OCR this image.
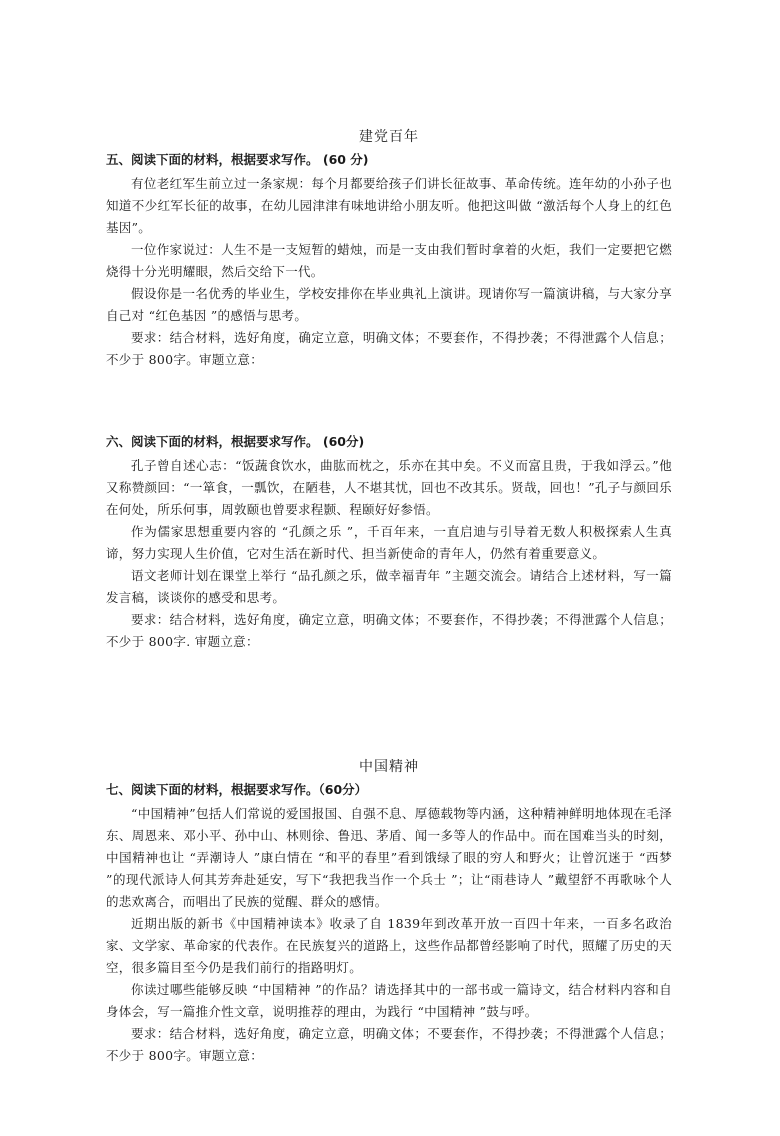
建党百年
五、阅读下面的材料，根据要求写作。 (60 分)

有位老红军生前立过一条家规：每个月都要给孩子们讲长征故事、革命传统。连年幼的小孙子也知道不少红军长征的故事，在幼儿园津津有味地讲给小朋友听。他把这叫做 “激活每个人身上的红色基因”。

一位作家说过：人生不是一支短暂的蜡烛，而是一支由我们暂时拿着的火炬，我们一定要把它燃烧得十分光明耀眼，然后交给下一代。

假设你是一名优秀的毕业生，学校安排你在毕业典礼上演讲。现请你写一篇演讲稿，与大家分享自己对 “红色基因 ”的感悟与思考。

要求：结合材料，选好角度，确定立意，明确文体；不要套作，不得抄袭；不得泄露个人信息；不少于 800字。审题立意：

六、阅读下面的材料，根据要求写作。 (60分)

孔子曾自述心志：“饭蔬食饮水，曲肱而枕之，乐亦在其中矣。不义而富且贵，于我如浮云。”他又称赞颜回：“一箪食，一瓢饮，在陋巷，人不堪其忧，回也不改其乐。贤哉，回也！”孔子与颜回乐在何处，所乐何事，周敦颐也曾要求程颢、程颐好好参悟。

作为儒家思想重要内容的 “孔颜之乐 ”，千百年来，一直启迪与引导着无数人积极探索人生真谛，努力实现人生价值，它对生活在新时代、担当新使命的青年人，仍然有着重要意义。

语文老师计划在课堂上举行 “品孔颜之乐，做幸福青年 ”主题交流会。请结合上述材料，写一篇发言稿，谈谈你的感受和思考。

要求：结合材料，选好角度，确定立意，明确文体；不要套作，不得抄袭；不得泄露个人信息；不少于 800字. 审题立意：

中国精神
七、阅读下面的材料，根据要求写作。（60分）

“中国精神”包括人们常说的爱国报国、自强不息、厚德载物等内涵，这种精神鲜明地体现在毛泽东、周恩来、邓小平、孙中山、林则徐、鲁迅、茅盾、闻一多等人的作品中。而在国难当头的时刻，中国精神也让 “弄潮诗人 ”康白情在 “和平的春里”看到饿绿了眼的穷人和野火；让曾沉迷于 “西梦 ”的现代派诗人何其芳奔赴延安，写下“我把我当作一个兵士 ”；让“雨巷诗人 ”戴望舒不再歌咏个人的悲欢离合，而唱出了民族的觉醒、群众的感情。

近期出版的新书《中国精神读本》收录了自 1839年到改革开放一百四十年来，一百多名政治家、文学家、革命家的代表作。在民族复兴的道路上，这些作品都曾经影响了时代，照耀了历史的天空，很多篇目至今仍是我们前行的指路明灯。

你读过哪些能够反映 “中国精神 ”的作品？请选择其中的一部书或一篇诗文，结合材料内容和自身体会，写一篇推介性文章，说明推荐的理由，为践行 “中国精神 ”鼓与呼。

要求：结合材料，选好角度，确定立意，明确文体；不要套作，不得抄袭；不得泄露个人信息；不少于 800字。审题立意：
